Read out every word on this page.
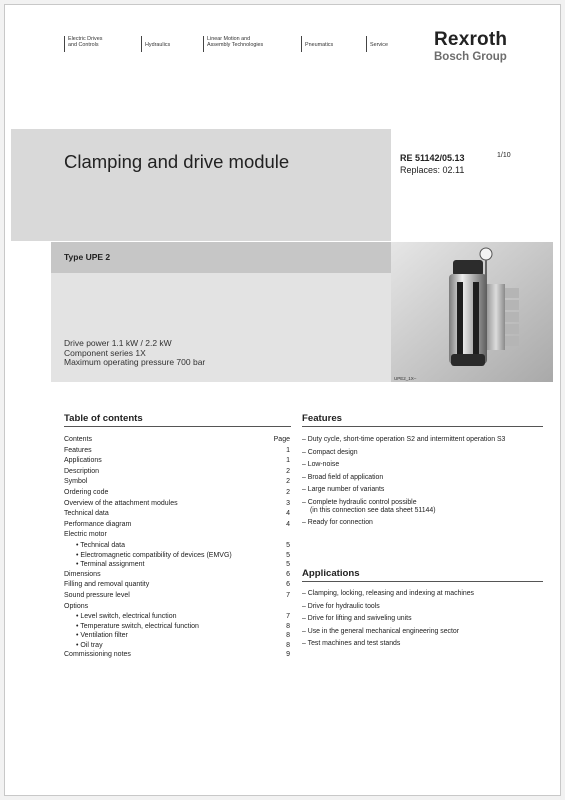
Electric Drives
and Controls	Hydraulics
Linear Motion and
Assembly Technologies	Pneumatics	Service Rexroth
Bosch Group
Clamping and drive module	RE 51142/05.13	1/10
Replaces: 02.11
Type UPE 2
Drive power 1.1 kW / 2.2 kW
Component series 1X
Maximum operating pressure 700 bar
UPE2_1X–
Table of contents
Contents	Page
Features	1
Applications	1
Description	2
Symbol	2
Ordering code	2
Overview of the attachment modules	3
Technical data	4
Performance diagram	4
Electric motor
• Technical data	5
• Electromagnetic compatibility of devices (EMVG)	5
• Terminal assignment	5
Dimensions	6
Filling and removal quantity	6
Sound pressure level	7
Options
• Level switch, electrical function	7
• Temperature switch, electrical function	8
• Ventilation filter	8
• Oil tray	8
Commissioning notes	9
Features
– Duty cycle, short-time operation S2 and intermittent operation S3
– Compact design
– Low-noise
– Broad field of application
– Large number of variants
– Complete hydraulic control possible
(in this connection see data sheet 51144)
– Ready for connection
Applications
– Clamping, locking, releasing and indexing at machines
– Drive for hydraulic tools
– Drive for lifting and swiveling units
– Use in the general mechanical engineering sector
– Test machines and test stands
